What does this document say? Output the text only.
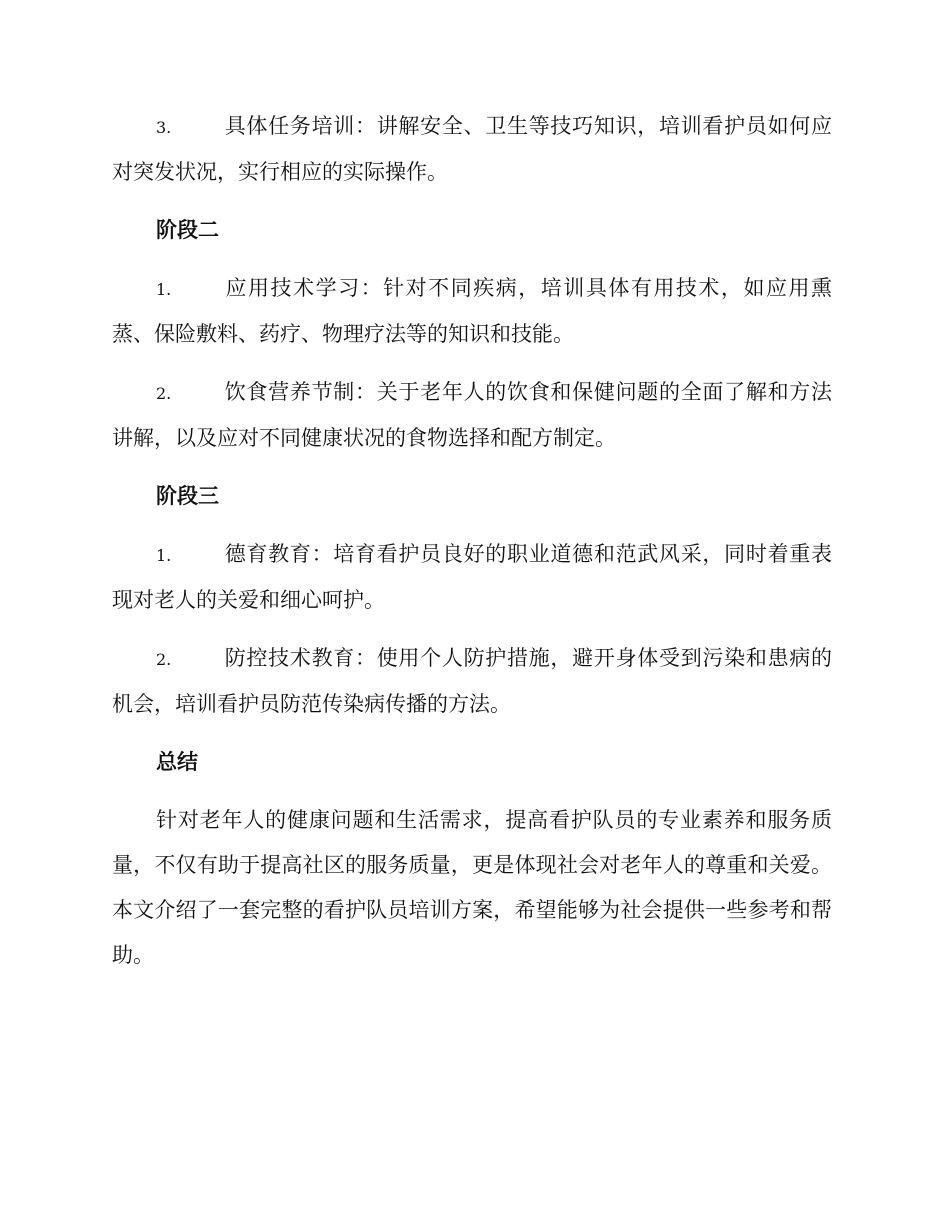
3.	具体任务培训：讲解安全、卫生等技巧知识，培训看护员如何应对突发状况，实行相应的实际操作。

阶段二

1.	应用技术学习：针对不同疾病，培训具体有用技术，如应用熏蒸、保险敷料、药疗、物理疗法等的知识和技能。

2.	饮食营养节制：关于老年人的饮食和保健问题的全面了解和方法讲解，以及应对不同健康状况的食物选择和配方制定。

阶段三

1.	德育教育：培育看护员良好的职业道德和范武风采，同时着重表现对老人的关爱和细心呵护。

2.	防控技术教育：使用个人防护措施，避开身体受到污染和患病的机会，培训看护员防范传染病传播的方法。

总结

针对老年人的健康问题和生活需求，提高看护队员的专业素养和服务质量，不仅有助于提高社区的服务质量，更是体现社会对老年人的尊重和关爱。本文介绍了一套完整的看护队员培训方案，希望能够为社会提供一些参考和帮助。
